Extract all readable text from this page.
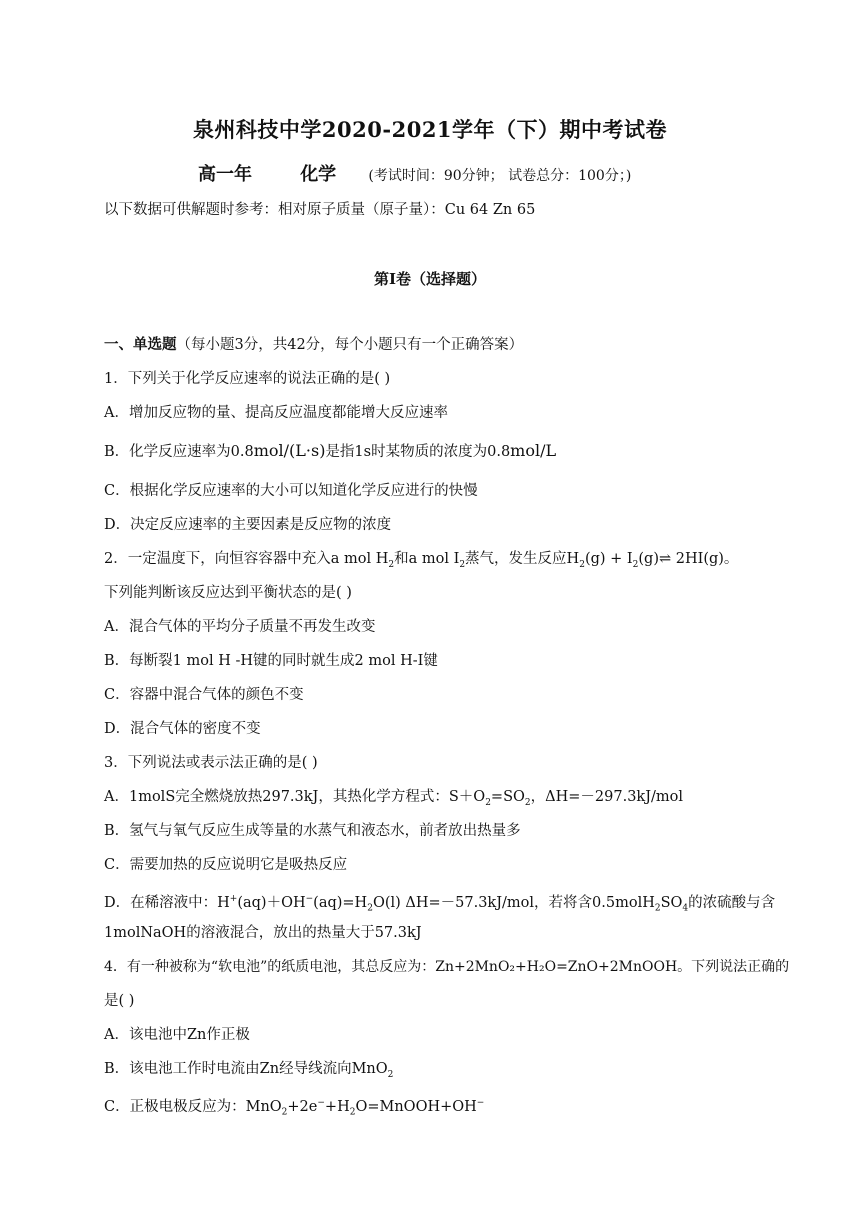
泉州科技中学2020-2021学年（下）期中考试卷
高一年	化学 (考试时间：90分钟； 试卷总分：100分；)
以下数据可供解题时参考：相对原子质量（原子量）：Cu 64 Zn 65
第Ⅰ卷（选择题）
一、单选题（每小题3分，共42分，每个小题只有一个正确答案）
1．下列关于化学反应速率的说法正确的是( )
A．增加反应物的量、提高反应温度都能增大反应速率
B．化学反应速率为0.8mol/(L·s)是指1s时某物质的浓度为0.8mol/L
C．根据化学反应速率的大小可以知道化学反应进行的快慢
D．决定反应速率的主要因素是反应物的浓度
2．一定温度下，向恒容容器中充入a mol $H_2$和a mol $I_2$蒸气，发生反应$H_2(g)$ + $I_2(g)\rightleftharpoons$ 2HI(g)。
下列能判断该反应达到平衡状态的是( )
A．混合气体的平均分子质量不再发生改变
B．每断裂1 mol H -H键的同时就生成2 mol H-I键
C．容器中混合气体的颜色不变
D．混合气体的密度不变
3．下列说法或表示法正确的是( )
A．1molS完全燃烧放热297.3kJ，其热化学方程式：$S+O_2=SO_2$，ΔH=－297.3kJ/mol
B．氢气与氧气反应生成等量的水蒸气和液态水，前者放出热量多
C．需要加热的反应说明它是吸热反应
D．在稀溶液中：$H^+(aq)+OH^-(aq)=H_2O(l)$ ΔH=－57.3kJ/mol，若将含$0.5molH_2SO_4$的浓硫酸与含
1molNaOH的溶液混合，放出的热量大于57.3kJ
4．有一种被称为“软电池”的纸质电池，其总反应为：Zn+2MnO₂+H₂O=ZnO+2MnOOH。下列说法正确的
是( )
A．该电池中Zn作正极
B．该电池工作时电流由Zn经导线流向MnO$_2$
C．正极电极反应为：$MnO_2+2e^-+H_2O=MnOOH+OH^-$
